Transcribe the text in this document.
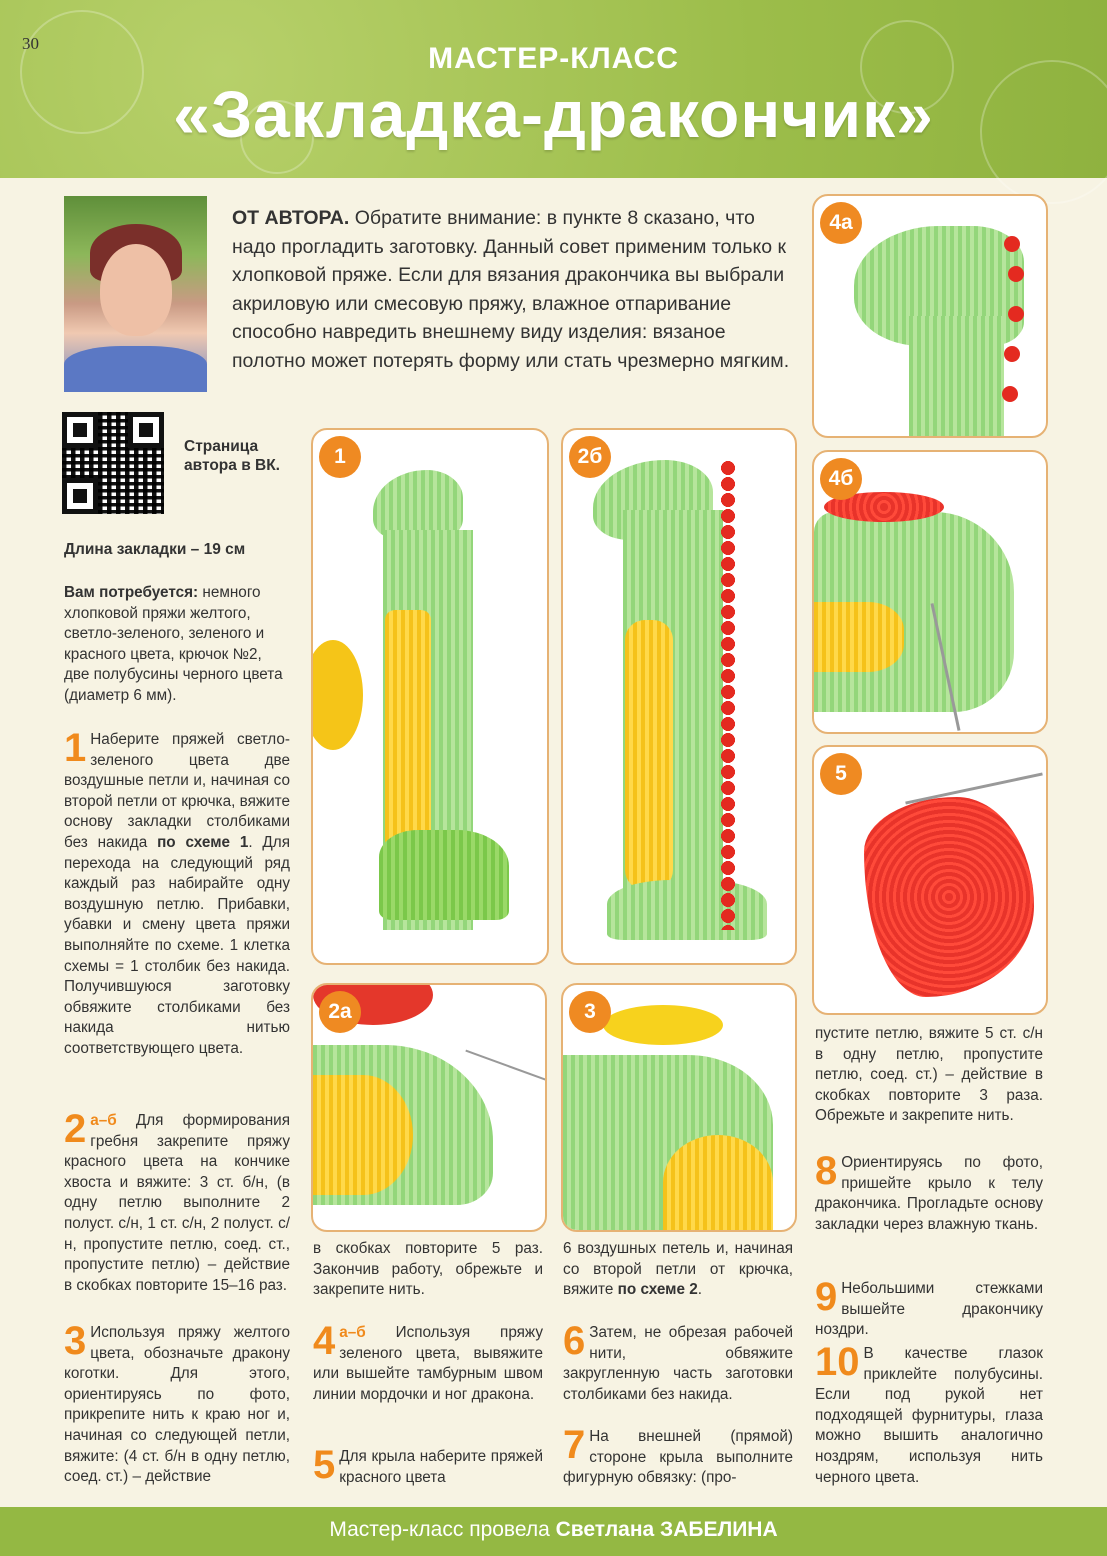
30	МАСТЕР-КЛАСС
«Закладка-дракончик»
ОТ АВТОРА. Обратите внимание: в пункте 8 сказано, что надо прогладить заготовку. Данный совет применим только к хлопковой пряже. Если для вязания дракончика вы выбрали акриловую или смесовую пряжу, влажное отпаривание способно навредить внешнему виду изделия: вязаное полотно может потерять форму или стать чрезмерно мягким.
Страница
автора в ВК.
Длина закладки – 19 см
Вам потребуется: немного хлопковой пряжи желтого, светло-зеленого, зеленого и красного цвета, крючок №2, две полубусины черного цвета (диаметр 6 мм).
1 Наберите пряжей светло-зеленого цвета две воздушные петли и, начиная со второй петли от крючка, вяжите основу закладки столбиками без накида по схеме 1. Для перехода на следующий ряд каждый раз набирайте одну воздушную петлю. Прибавки, убавки и смену цвета пряжи выполняйте по схеме. 1 клетка схемы = 1 столбик без накида. Получившуюся заготовку обвяжите столбиками без накида нитью соответствующего цвета.
2 а–б Для формирования гребня закрепите пряжу красного цвета на кончике хвоста и вяжите: 3 ст. б/н, (в одну петлю выполните 2 полуст. с/н, 1 ст. с/н, 2 полуст. с/н, пропустите петлю, соед. ст., пропустите петлю) – действие в скобках повторите 15–16 раз.
3 Используя пряжу желтого цвета, обозначьте дракону коготки. Для этого, ориентируясь по фото, прикрепите нить к краю ног и, начиная со следующей петли, вяжите: (4 ст. б/н в одну петлю, соед. ст.) – действие
в скобках повторите 5 раз. Закончив работу, обрежьте и закрепите нить.
4 а–б Используя пряжу зеленого цвета, вывяжите или вышейте тамбурным швом линии мордочки и ног дракона.
5 Для крыла наберите пряжей красного цвета
6 воздушных петель и, начиная со второй петли от крючка, вяжите по схеме 2.
6 Затем, не обрезая рабочей нити, обвяжите закругленную часть заготовки столбиками без накида.
7 На внешней (прямой) стороне крыла выполните фигурную обвязку: (про-
пустите петлю, вяжите 5 ст. с/н в одну петлю, пропустите петлю, соед. ст.) – действие в скобках повторите 3 раза. Обрежьте и закрепите нить.
8 Ориентируясь по фото, пришейте крыло к телу дракончика. Прогладьте основу закладки через влажную ткань.
9 Небольшими стежками вышейте дракончику ноздри.
10 В качестве глазок приклейте полубусины. Если под рукой нет подходящей фурнитуры, глаза можно вышить аналогично ноздрям, используя нить черного цвета.
4а
1	2б
4б
5
2а	3
Мастер-класс провела Светлана ЗАБЕЛИНА
